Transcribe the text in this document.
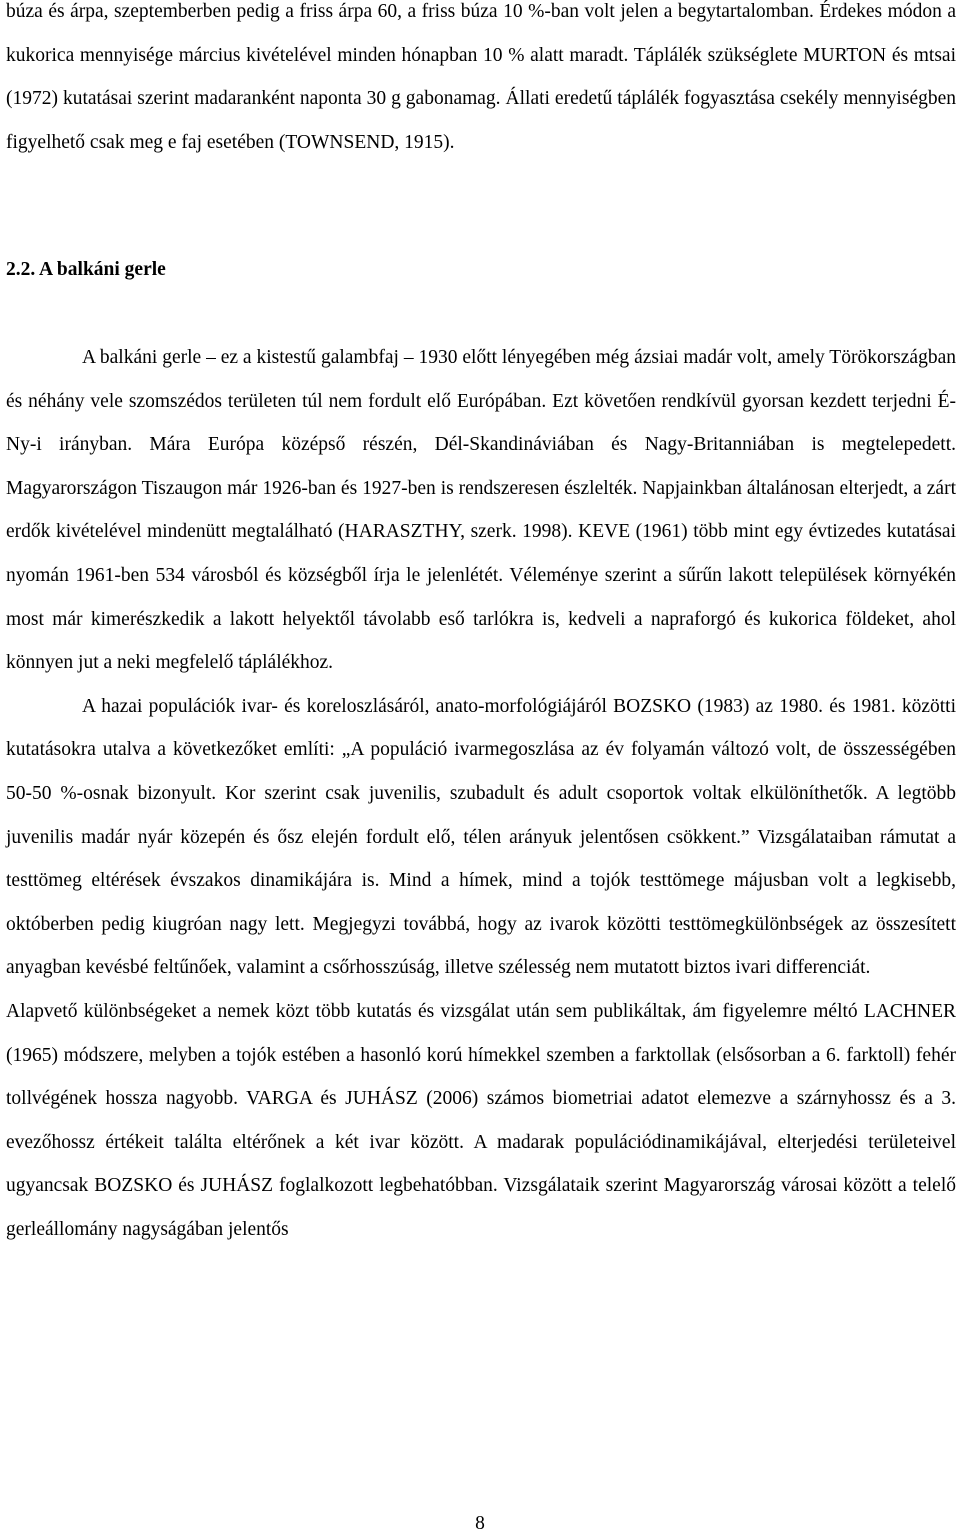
búza és árpa, szeptemberben pedig a friss árpa 60, a friss búza 10 %-ban volt jelen a begytartalomban. Érdekes módon a kukorica mennyisége március kivételével minden hónapban 10 % alatt maradt. Táplálék szükséglete MURTON és mtsai (1972) kutatásai szerint madaranként naponta 30 g gabonamag. Állati eredetű táplálék fogyasztása csekély mennyiségben figyelhető csak meg e faj esetében (TOWNSEND, 1915).

2.2. A balkáni gerle

A balkáni gerle ‒ ez a kistestű galambfaj ‒ 1930 előtt lényegében még ázsiai madár volt, amely Törökországban és néhány vele szomszédos területen túl nem fordult elő Európában. Ezt követően rendkívül gyorsan kezdett terjedni É-Ny-i irányban. Mára Európa középső részén, Dél-Skandináviában és Nagy-Britanniában is megtelepedett. Magyarországon Tiszaugon már 1926-ban és 1927-ben is rendszeresen észlelték. Napjainkban általánosan elterjedt, a zárt erdők kivételével mindenütt megtalálható (HARASZTHY, szerk. 1998). KEVE (1961) több mint egy évtizedes kutatásai nyomán 1961-ben 534 városból és községből írja le jelenlétét. Véleménye szerint a sűrűn lakott települések környékén most már kimerészkedik a lakott helyektől távolabb eső tarlókra is, kedveli a napraforgó és kukorica földeket, ahol könnyen jut a neki megfelelő táplálékhoz.

A hazai populációk ivar- és koreloszlásáról, anato-morfológiájáról BOZSKO (1983) az 1980. és 1981. közötti kutatásokra utalva a következőket említi: „A populáció ivarmegoszlása az év folyamán változó volt, de összességében 50-50 %-osnak bizonyult. Kor szerint csak juvenilis, szubadult és adult csoportok voltak elkülöníthetők. A legtöbb juvenilis madár nyár közepén és ősz elején fordult elő, télen arányuk jelentősen csökkent.” Vizsgálataiban rámutat a testtömeg eltérések évszakos dinamikájára is. Mind a hímek, mind a tojók testtömege májusban volt a legkisebb, októberben pedig kiugróan nagy lett. Megjegyzi továbbá, hogy az ivarok közötti testtömegkülönbségek az összesített anyagban kevésbé feltűnőek, valamint a csőrhosszúság, illetve szélesség nem mutatott biztos ivari differenciát.

Alapvető különbségeket a nemek közt több kutatás és vizsgálat után sem publikáltak, ám figyelemre méltó LACHNER (1965) módszere, melyben a tojók estében a hasonló korú hímekkel szemben a farktollak (elsősorban a 6. farktoll) fehér tollvégének hossza nagyobb. VARGA és JUHÁSZ (2006) számos biometriai adatot elemezve a szárnyhossz és a 3. evezőhossz értékeit találta eltérőnek a két ivar között. A madarak populációdinamikájával, elterjedési területeivel ugyancsak BOZSKO és JUHÁSZ foglalkozott legbehatóbban. Vizsgálataik szerint Magyarország városai között a telelő gerleállomány nagyságában jelentős

8
